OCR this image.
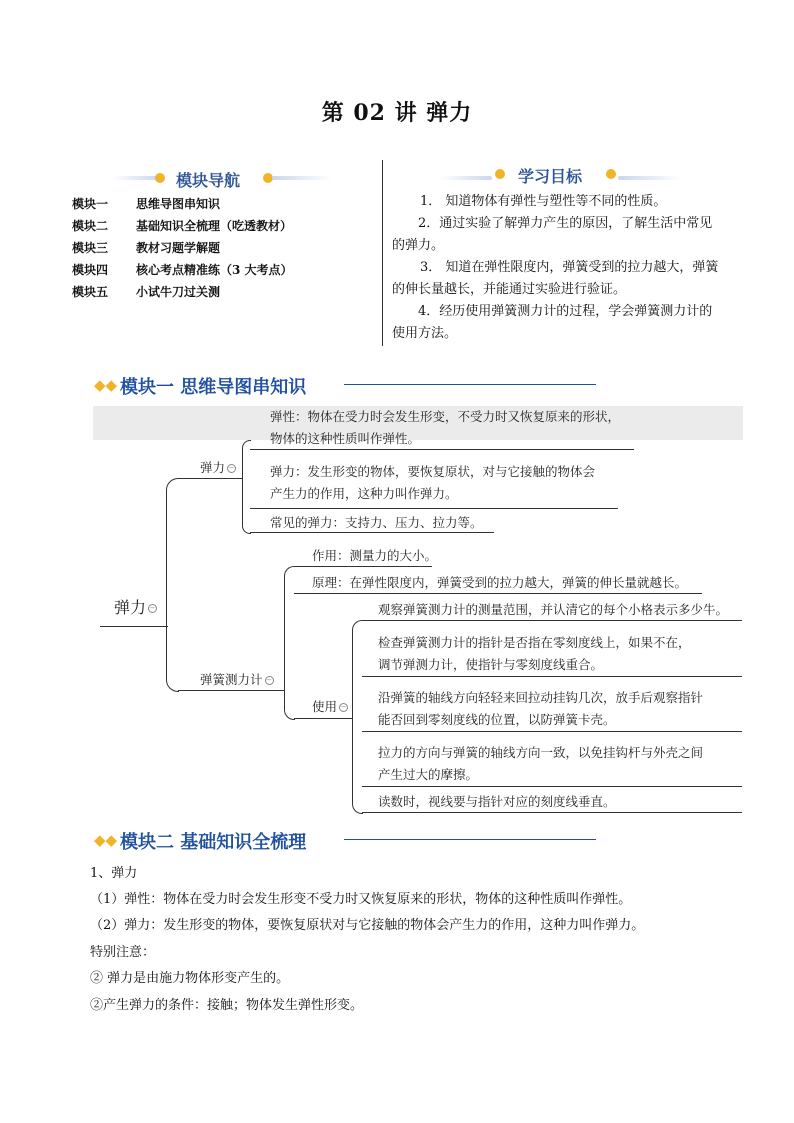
第 02 讲 弹力
模块导航
模块一 思维导图串知识
模块二 基础知识全梳理（吃透教材）
模块三 教材习题学解题
模块四 核心考点精准练（3 大考点）
模块五 小试牛刀过关测
学习目标
1． 知道物体有弹性与塑性等不同的性质。
2．通过实验了解弹力产生的原因，了解生活中常见的弹力。
3． 知道在弹性限度内，弹簧受到的拉力越大，弹簧的伸长量越长，并能通过实验进行验证。
4．经历使用弹簧测力计的过程，学会弹簧测力计的使用方法。
◆◆ 模块一 思维导图串知识
弹力 −
弹力 −
弹簧测力计 −
使用 −
弹性：物体在受力时会发生形变，不受力时又恢复原来的形状，
物体的这种性质叫作弹性。
弹力：发生形变的物体，要恢复原状，对与它接触的物体会
产生力的作用，这种力叫作弹力。
常见的弹力：支持力、压力、拉力等。
作用：测量力的大小。
原理：在弹性限度内，弹簧受到的拉力越大，弹簧的伸长量就越长。
观察弹簧测力计的测量范围，并认清它的每个小格表示多少牛。
检查弹簧测力计的指针是否指在零刻度线上，如果不在，
调节弹测力计，使指针与零刻度线重合。
沿弹簧的轴线方向轻轻来回拉动挂钩几次，放手后观察指针
能否回到零刻度线的位置，以防弹簧卡壳。
拉力的方向与弹簧的轴线方向一致，以免挂钩杆与外壳之间
产生过大的摩擦。
读数时，视线要与指针对应的刻度线垂直。
◆◆ 模块二 基础知识全梳理
1、弹力
（1）弹性：物体在受力时会发生形变不受力时又恢复原来的形状，物体的这种性质叫作弹性。
（2）弹力：发生形变的物体，要恢复原状对与它接触的物体会产生力的作用，这种力叫作弹力。
特别注意：
② 弹力是由施力物体形变产生的。
②产生弹力的条件：接触；物体发生弹性形变。
